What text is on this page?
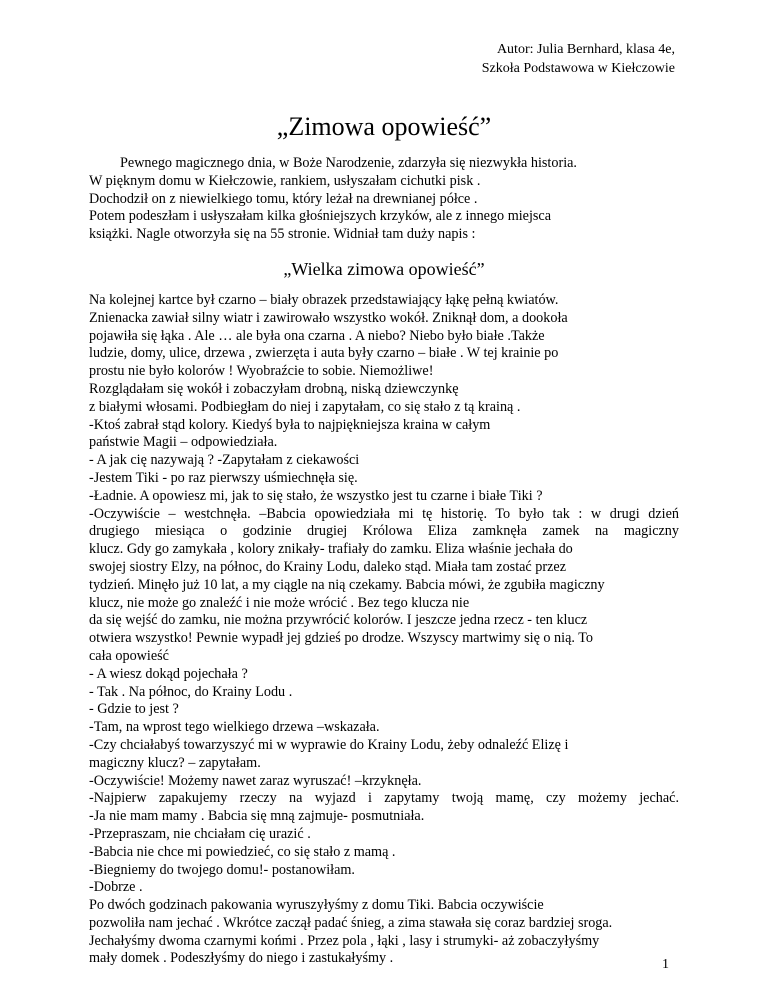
Autor: Julia Bernhard, klasa 4e,
Szkoła Podstawowa w Kiełczowie
„Zimowa opowieść”
Pewnego magicznego dnia, w Boże Narodzenie, zdarzyła się niezwykła historia.
W pięknym domu w Kiełczowie, rankiem, usłyszałam cichutki pisk .
Dochodził on z niewielkiego tomu, który leżał na drewnianej półce .
Potem podeszłam i usłyszałam kilka głośniejszych krzyków, ale z innego miejsca
książki. Nagle otworzyła się na 55 stronie. Widniał tam duży napis :
„Wielka zimowa opowieść”
Na kolejnej kartce był czarno – biały obrazek przedstawiający łąkę pełną kwiatów.
Znienacka zawiał silny wiatr i zawirowało wszystko wokół. Zniknął dom, a dookoła
pojawiła się łąka . Ale … ale była ona czarna . A niebo? Niebo było białe .Także
ludzie, domy, ulice, drzewa , zwierzęta i auta były czarno – białe . W tej krainie po
prostu nie było kolorów ! Wyobraźcie to sobie. Niemożliwe!
Rozglądałam się wokół i zobaczyłam drobną, niską dziewczynkę
z białymi włosami. Podbiegłam do niej i zapytałam, co się stało z tą krainą .
-Ktoś zabrał stąd kolory. Kiedyś była to najpiękniejsza kraina w całym
państwie Magii – odpowiedziała.
- A jak cię nazywają ? -Zapytałam z ciekawości
-Jestem Tiki - po raz pierwszy uśmiechnęła się.
-Ładnie. A opowiesz mi, jak to się stało, że wszystko jest tu czarne i białe Tiki ?
-Oczywiście – westchnęła. –Babcia opowiedziała mi tę historię. To było tak : w drugi dzień
drugiego miesiąca o godzinie drugiej Królowa Eliza zamknęła zamek na magiczny
klucz. Gdy go zamykała , kolory znikały- trafiały do zamku. Eliza właśnie jechała do
swojej siostry Elzy, na północ, do Krainy Lodu, daleko stąd. Miała tam zostać przez
tydzień. Minęło już 10 lat, a my ciągle na nią czekamy. Babcia mówi, że zgubiła magiczny
klucz, nie może go znaleźć i nie może wrócić . Bez tego klucza nie
da się wejść do zamku, nie można przywrócić kolorów. I jeszcze jedna rzecz - ten klucz
otwiera wszystko! Pewnie wypadł jej gdzieś po drodze. Wszyscy martwimy się o nią. To
cała opowieść
- A wiesz dokąd pojechała ?
- Tak . Na północ, do Krainy Lodu .
- Gdzie to jest ?
-Tam, na wprost tego wielkiego drzewa –wskazała.
-Czy chciałabyś towarzyszyć mi w wyprawie do Krainy Lodu, żeby odnaleźć Elizę i
magiczny klucz? – zapytałam.
-Oczywiście! Możemy nawet zaraz wyruszać! –krzyknęła.
-Najpierw zapakujemy rzeczy na wyjazd i zapytamy twoją mamę, czy możemy jechać.
-Ja nie mam mamy . Babcia się mną zajmuje- posmutniała.
-Przepraszam, nie chciałam cię urazić .
-Babcia nie chce mi powiedzieć, co się stało z mamą .
-Biegniemy do twojego domu!- postanowiłam.
-Dobrze .
Po dwóch godzinach pakowania wyruszyłyśmy z domu Tiki. Babcia oczywiście
pozwoliła nam jechać . Wkrótce zaczął padać śnieg, a zima stawała się coraz bardziej sroga.
Jechałyśmy dwoma czarnymi końmi . Przez pola , łąki , lasy i strumyki- aż zobaczyłyśmy
mały domek . Podeszłyśmy do niego i zastukałyśmy .	1
